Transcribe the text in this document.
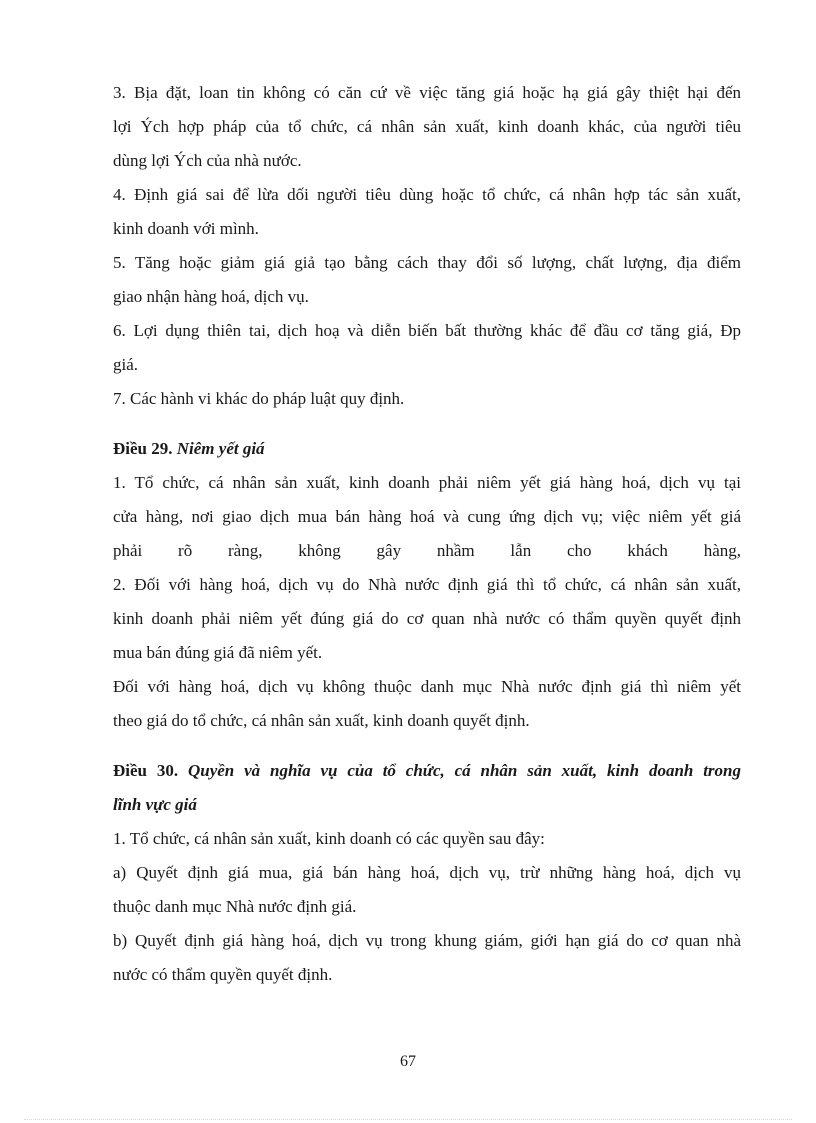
3. Bịa đặt, loan tin không có căn cứ về việc tăng giá hoặc hạ giá gây thiệt hại đến
lợi Ých hợp pháp của tổ chức, cá nhân sản xuất, kinh doanh khác, của người tiêu
dùng lợi Ých của nhà nước.
4. Định giá sai để lừa dối người tiêu dùng hoặc tổ chức, cá nhân hợp tác sản xuất,
kinh doanh với mình.
5. Tăng hoặc giảm giá giả tạo bằng cách thay đổi số lượng, chất lượng, địa điểm
giao nhận hàng hoá, dịch vụ.
6. Lợi dụng thiên tai, dịch hoạ và diễn biến bất thường khác để đầu cơ tăng giá, Ðp
giá.
7. Các hành vi khác do pháp luật quy định.
Điều 29. Niêm yết giá
1. Tổ chức, cá nhân sản xuất, kinh doanh phải niêm yết giá hàng hoá, dịch vụ tại
cửa hàng, nơi giao dịch mua bán hàng hoá và cung ứng dịch vụ; việc niêm yết giá
phải rõ ràng, không gây nhầm lẫn cho khách hàng,
2. Đối với hàng hoá, dịch vụ do Nhà nước định giá thì tổ chức, cá nhân sản xuất,
kinh doanh phải niêm yết đúng giá do cơ quan nhà nước có thẩm quyền quyết định
mua bán đúng giá đã niêm yết.
Đối với hàng hoá, dịch vụ không thuộc danh mục Nhà nước định giá thì niêm yết
theo giá do tổ chức, cá nhân sản xuất, kinh doanh quyết định.
Điều 30. Quyền và nghĩa vụ của tổ chức, cá nhân sản xuất, kinh doanh trong
lĩnh vực giá
1. Tổ chức, cá nhân sản xuất, kinh doanh có các quyền sau đây:
a) Quyết định giá mua, giá bán hàng hoá, dịch vụ, trừ những hàng hoá, dịch vụ
thuộc danh mục Nhà nước định giá.
b) Quyết định giá hàng hoá, dịch vụ trong khung giám, giới hạn giá do cơ quan nhà
nước có thẩm quyền quyết định.
67
